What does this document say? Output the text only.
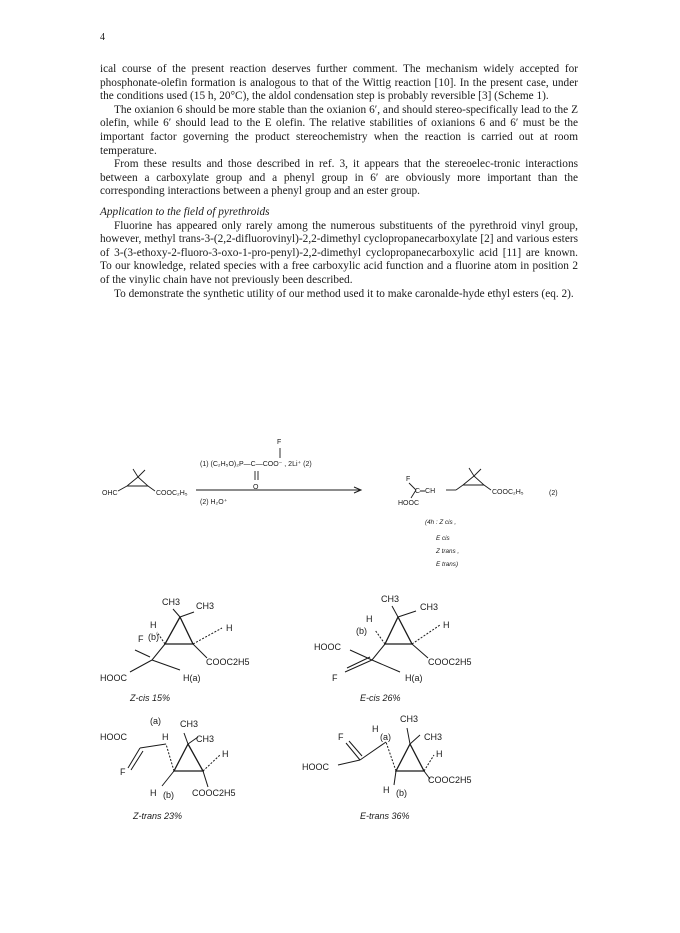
4

ical course of the present reaction deserves further comment. The mechanism widely accepted for phosphonate-olefin formation is analogous to that of the Wittig reaction [10]. In the present case, under the conditions used (15 h, 20°C), the aldol condensation step is probably reversible [3] (Scheme 1).

The oxianion 6 should be more stable than the oxianion 6′, and should stereo-specifically lead to the Z olefin, while 6′ should lead to the E olefin. The relative stabilities of oxianions 6 and 6′ must be the important factor governing the product stereochemistry when the reaction is carried out at room temperature.

From these results and those described in ref. 3, it appears that the stereoelec-tronic interactions between a carboxylate group and a phenyl group in 6′ are obviously more important than the corresponding interactions between a phenyl group and an ester group.

Application to the field of pyrethroids

Fluorine has appeared only rarely among the numerous substituents of the pyrethroid vinyl group, however, methyl trans-3-(2,2-difluorovinyl)-2,2-dimethyl cyclopropanecarboxylate [2] and various esters of 3-(3-ethoxy-2-fluoro-3-oxo-1-pro-penyl)-2,2-dimethyl cyclopropanecarboxylic acid [11] are known. To our knowledge, related species with a free carboxylic acid function and a fluorine atom in position 2 of the vinylic chain have not previously been described.

To demonstrate the synthetic utility of our method used it to make caronalde-hyde ethyl esters (eq. 2).

F
(1) (C₂H₅O)₂P—C—COO⁻ , 2Li⁺ (2)
O
(2) H₂O⁺
OHC	COOC₂H₅
F
C═CH
HOOC
COOC₂H₅	(2)
(4h : Z cis ,
E cis
Z trans ,
E trans)
CH3 CH3
H	H
F (b)
COOC2H5
HOOC	H(a)
Z-cis 15%
CH3
CH3
H
H
(b)
HOOC
COOC2H5
F	H(a)
E-cis 26%
(a) CH3
HOOC	H	CH3
H
F
H (b) COOC2H5
Z-trans 23%
CH3
H
(a)
F	CH3
H
HOOC
COOC2H5
H (b)
E-trans 36%
